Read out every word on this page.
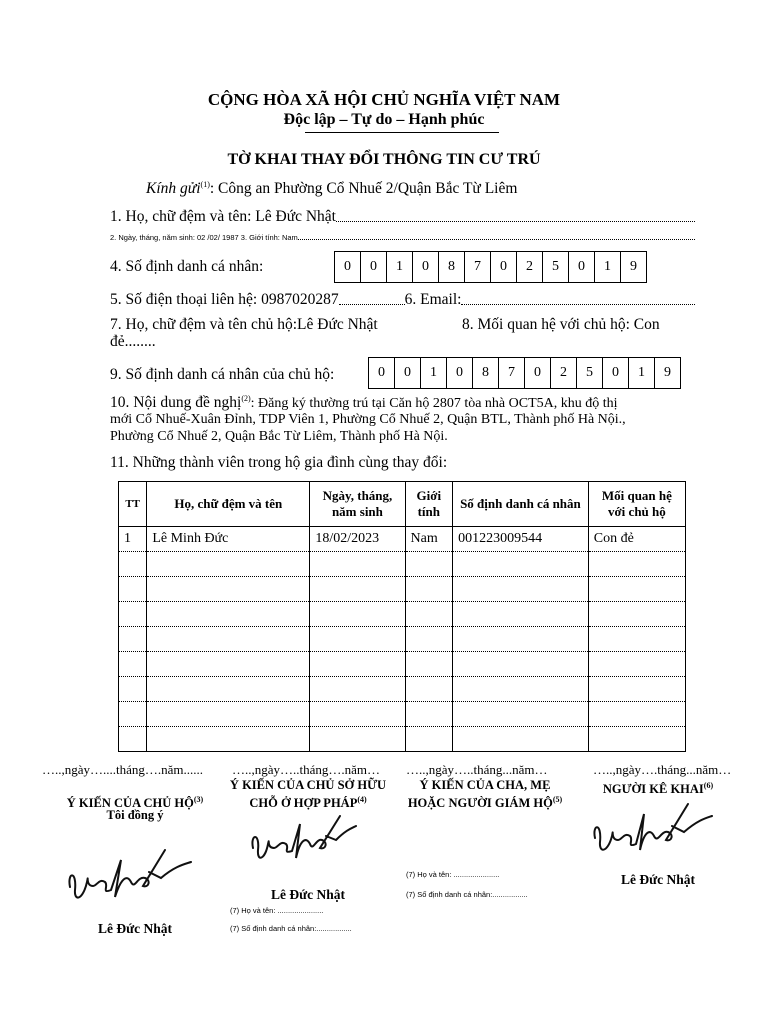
CỘNG HÒA XÃ HỘI CHỦ NGHĨA VIỆT NAM
Độc lập – Tự do – Hạnh phúc
TỜ KHAI THAY ĐỔI THÔNG TIN CƯ TRÚ
Kính gửi$^{(1)}$: Công an Phường Cổ Nhuế 2/Quận Bắc Từ Liêm
1. Họ, chữ đệm và tên: Lê Đức Nhật
2. Ngày, tháng, năm sinh: 02 /02/ 1987 3. Giới tính: Nam
4. Số định danh cá nhân:	0	0	1	0	8	7	0	2	5	0	1	9
5. Số điện thoại liên hệ: 0987020287	6. Email:
7. Họ, chữ đệm và tên chủ hộ:Lê Đức Nhật	8. Mối quan hệ với chủ hộ: Con
đẻ........
9. Số định danh cá nhân của chủ hộ:	0	0	1	0	8	7	0	2	5	0	1	9
10. Nội dung đề nghị$^{(2)}$: Đăng ký thường trú tại Căn hộ 2807 tòa nhà OCT5A, khu độ thị
mới Cổ Nhuế-Xuân Đỉnh, TDP Viên 1, Phường Cổ Nhuế 2, Quận BTL, Thành phố Hà Nội.,
Phường Cổ Nhuế 2, Quận Bắc Từ Liêm, Thành phố Hà Nội.
11. Những thành viên trong hộ gia đình cùng thay đổi:
TT	Họ, chữ đệm và tên	Ngày, tháng, năm sinh	Giới tính	Số định danh cá nhân	Mối quan hệ với chủ hộ
1	Lê Minh Đức	18/02/2023	Nam	001223009544	Con đẻ

…..,ngày…....tháng….năm......
Ý KIẾN CỦA CHỦ HỘ$^{(3)}$
Tôi đồng ý
Lê Đức Nhật
…..,ngày…..tháng….năm…
Ý KIẾN CỦA CHỦ SỞ HỮU
CHỖ Ở HỢP PHÁP$^{(4)}$
Lê Đức Nhật
(7) Họ và tên: ......................
(7) Số định danh cá nhân:.................
…..,ngày…..tháng...năm…
Ý KIẾN CỦA CHA, MẸ
HOẶC NGƯỜI GIÁM HỘ$^{(5)}$
(7) Họ và tên: ......................
(7) Số định danh cá nhân:.................
…..,ngày….tháng...năm…
NGƯỜI KÊ KHAI$^{(6)}$
Lê Đức Nhật
